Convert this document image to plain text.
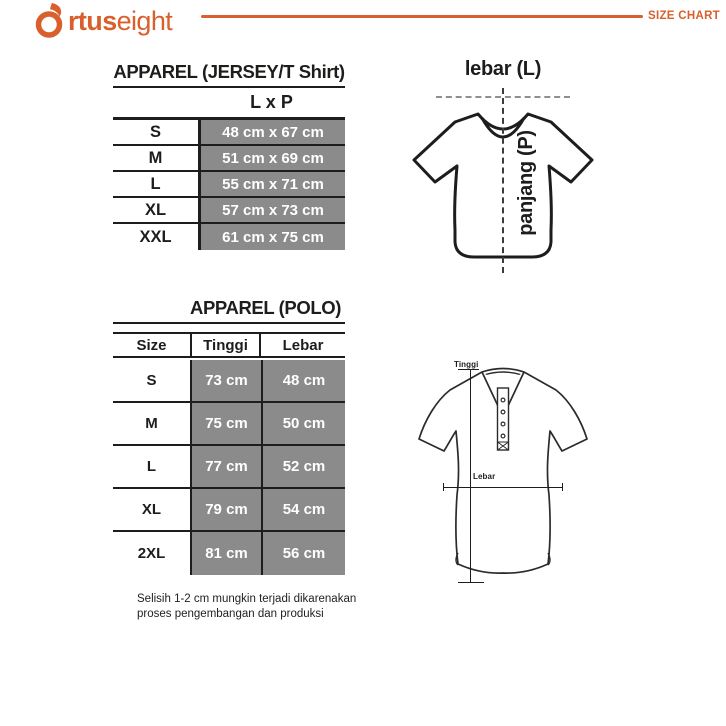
rtuseight	SIZE CHART
APPAREL (JERSEY/T Shirt)
L x P
S	48 cm x 67 cm
M	51 cm x 69 cm
L	55 cm x 71 cm
XL	57 cm x 73 cm
XXL	61 cm x 75 cm
APPAREL (POLO)
Size	Tinggi	Lebar
S	73 cm	48 cm
M	75 cm	50 cm
L	77 cm	52 cm
XL	79 cm	54 cm
2XL	81 cm	56 cm
Selisih 1-2 cm mungkin terjadi dikarenakan
proses pengembangan dan produksi
lebar (L)
panjang (P)
Tinggi
Lebar
